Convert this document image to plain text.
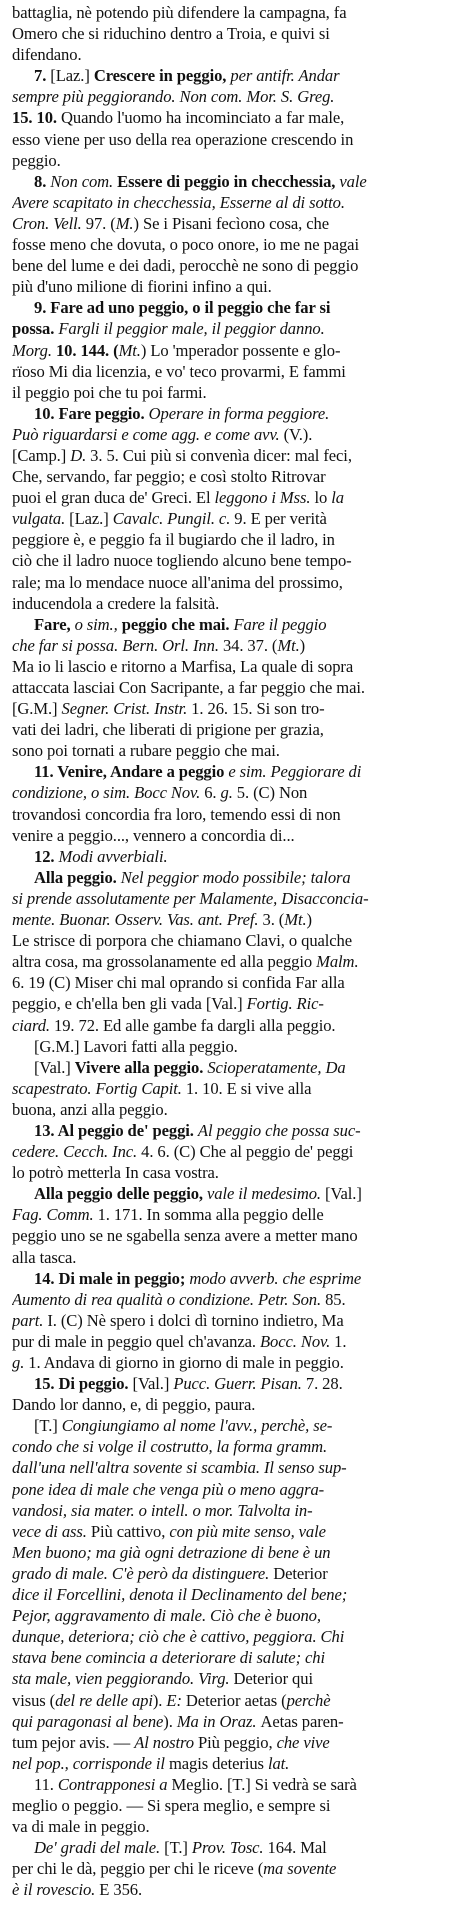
battaglia, nè potendo più difendere la campagna, fa
Omero che si riduchino dentro a Troia, e quivi si
difendano.
7. [Laz.] Crescere in peggio, per antifr. Andar
sempre più peggiorando. Non com. Mor. S. Greg.
15. 10. Quando l'uomo ha incominciato a far male,
esso viene per uso della rea operazione crescendo in
peggio.
8. Non com. Essere di peggio in checchessia, vale
Avere scapitato in checchessia, Esserne al di sotto.
Cron. Vell. 97. (M.) Se i Pisani fecìono cosa, che
fosse meno che dovuta, o poco onore, io me ne pagai
bene del lume e dei dadi, perocchè ne sono di peggio
più d'uno milione di fiorini infino a qui.
9. Fare ad uno peggio, o il peggio che far si
possa. Fargli il peggior male, il peggior danno.
Morg. 10. 144. (Mt.) Lo 'mperador possente e glo-
rïoso Mi dia licenzia, e vo' teco provarmi, E fammi
il peggio poi che tu poi farmi.
10. Fare peggio. Operare in forma peggiore.
Può riguardarsi e come agg. e come avv. (V.).
[Camp.] D. 3. 5. Cui più si convenìa dicer: mal feci,
Che, servando, far peggio; e così stolto Ritrovar
puoi el gran duca de' Greci. El leggono i Mss. lo la
vulgata. [Laz.] Cavalc. Pungil. c. 9. E per verità
peggiore è, e peggio fa il bugiardo che il ladro, in
ciò che il ladro nuoce togliendo alcuno bene tempo-
rale; ma lo mendace nuoce all'anima del prossimo,
inducendola a credere la falsità.
Fare, o sim., peggio che mai. Fare il peggio
che far si possa. Bern. Orl. Inn. 34. 37. (Mt.)
Ma io li lascio e ritorno a Marfisa, La quale di sopra
attaccata lasciai Con Sacripante, a far peggio che mai.
[G.M.] Segner. Crist. Instr. 1. 26. 15. Si son tro-
vati dei ladri, che liberati di prigione per grazia,
sono poi tornati a rubare peggio che mai.
11. Venire, Andare a peggio e sim. Peggiorare di
condizione, o sim. Bocc Nov. 6. g. 5. (C) Non
trovandosi concordia fra loro, temendo essi di non
venire a peggio..., vennero a concordia di...
12. Modi avverbiali.
Alla peggio. Nel peggior modo possibile; talora
si prende assolutamente per Malamente, Disacconcia-
mente. Buonar. Osserv. Vas. ant. Pref. 3. (Mt.)
Le strisce di porpora che chiamano Clavi, o qualche
altra cosa, ma grossolanamente ed alla peggio Malm.
6. 19 (C) Miser chi mal oprando si confida Far alla
peggio, e ch'ella ben gli vada [Val.] Fortig. Ric-
ciard. 19. 72. Ed alle gambe fa dargli alla peggio.
[G.M.] Lavori fatti alla peggio.
[Val.] Vivere alla peggio. Scioperatamente, Da
scapestrato. Fortig Capit. 1. 10. E si vive alla
buona, anzi alla peggio.
13. Al peggio de' peggi. Al peggio che possa suc-
cedere. Cecch. Inc. 4. 6. (C) Che al peggio de' peggi
lo potrò metterla In casa vostra.
Alla peggio delle peggio, vale il medesimo. [Val.]
Fag. Comm. 1. 171. In somma alla peggio delle
peggio uno se ne sgabella senza avere a metter mano
alla tasca.
14. Di male in peggio; modo avverb. che esprime
Aumento di rea qualità o condizione. Petr. Son. 85.
part. I. (C) Nè spero i dolci dì tornino indietro, Ma
pur di male in peggio quel ch'avanza. Bocc. Nov. 1.
g. 1. Andava di giorno in giorno di male in peggio.
15. Di peggio. [Val.] Pucc. Guerr. Pisan. 7. 28.
Dando lor danno, e, di peggio, paura.
[T.] Congiungiamo al nome l'avv., perchè, se-
condo che si volge il costrutto, la forma gramm.
dall'una nell'altra sovente si scambia. Il senso sup-
pone idea di male che venga più o meno aggra-
vandosi, sia mater. o intell. o mor. Talvolta in-
vece di ass. Più cattivo, con più mite senso, vale
Men buono; ma già ogni detrazione di bene è un
grado di male. C'è però da distinguere. Deterior
dice il Forcellini, denota il Declinamento del bene;
Pejor, aggravamento di male. Ciò che è buono,
dunque, deteriora; ciò che è cattivo, peggiora. Chi
stava bene comincia a deteriorare di salute; chi
sta male, vien peggiorando. Virg. Deterior qui
visus (del re delle api). E: Deterior aetas (perchè
qui paragonasi al bene). Ma in Oraz. Aetas paren-
tum pejor avis. — Al nostro Più peggio, che vive
nel pop., corrisponde il magis deterius lat.
11. Contrapponesi a Meglio. [T.] Si vedrà se sarà
meglio o peggio. — Si spera meglio, e sempre si
va di male in peggio.
De' gradi del male. [T.] Prov. Tosc. 164. Mal
per chi le dà, peggio per chi le riceve (ma sovente
è il rovescio. E 356.
